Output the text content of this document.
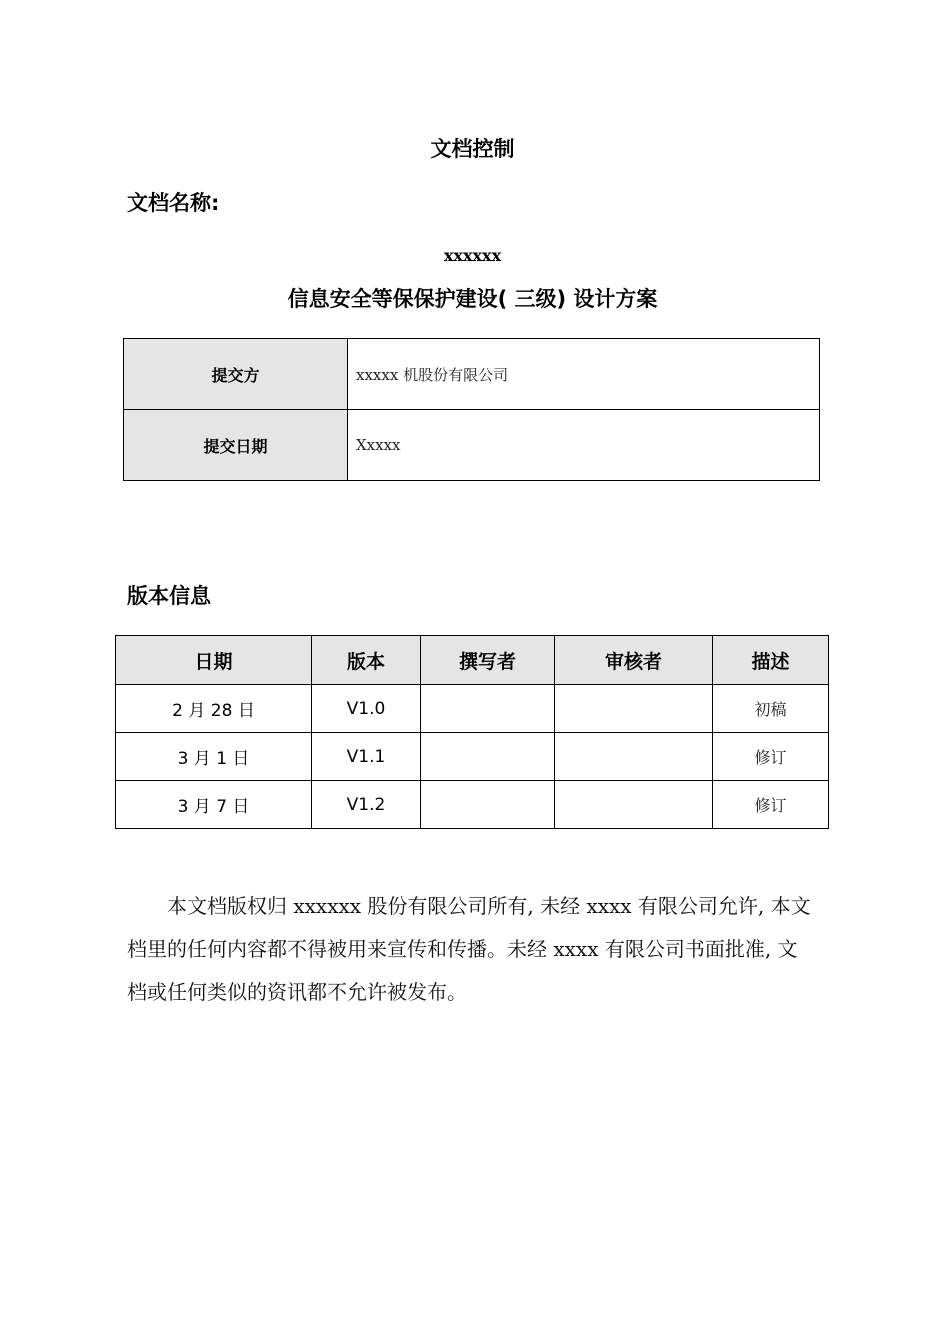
文档控制
文档名称:
xxxxxx
信息安全等保保护建设( 三级) 设计方案
提交方	xxxxx 机股份有限公司
提交日期	Xxxxx
版本信息
日期	版本	撰写者	审核者	描述
2 月 28 日	V1.0			初稿
3 月 1 日	V1.1			修订
3 月 7 日	V1.2			修订

本文档版权归 xxxxxx 股份有限公司所有, 未经 xxxx 有限公司允许, 本文档里的任何内容都不得被用来宣传和传播。未经 xxxx 有限公司书面批准, 文档或任何类似的资讯都不允许被发布。
